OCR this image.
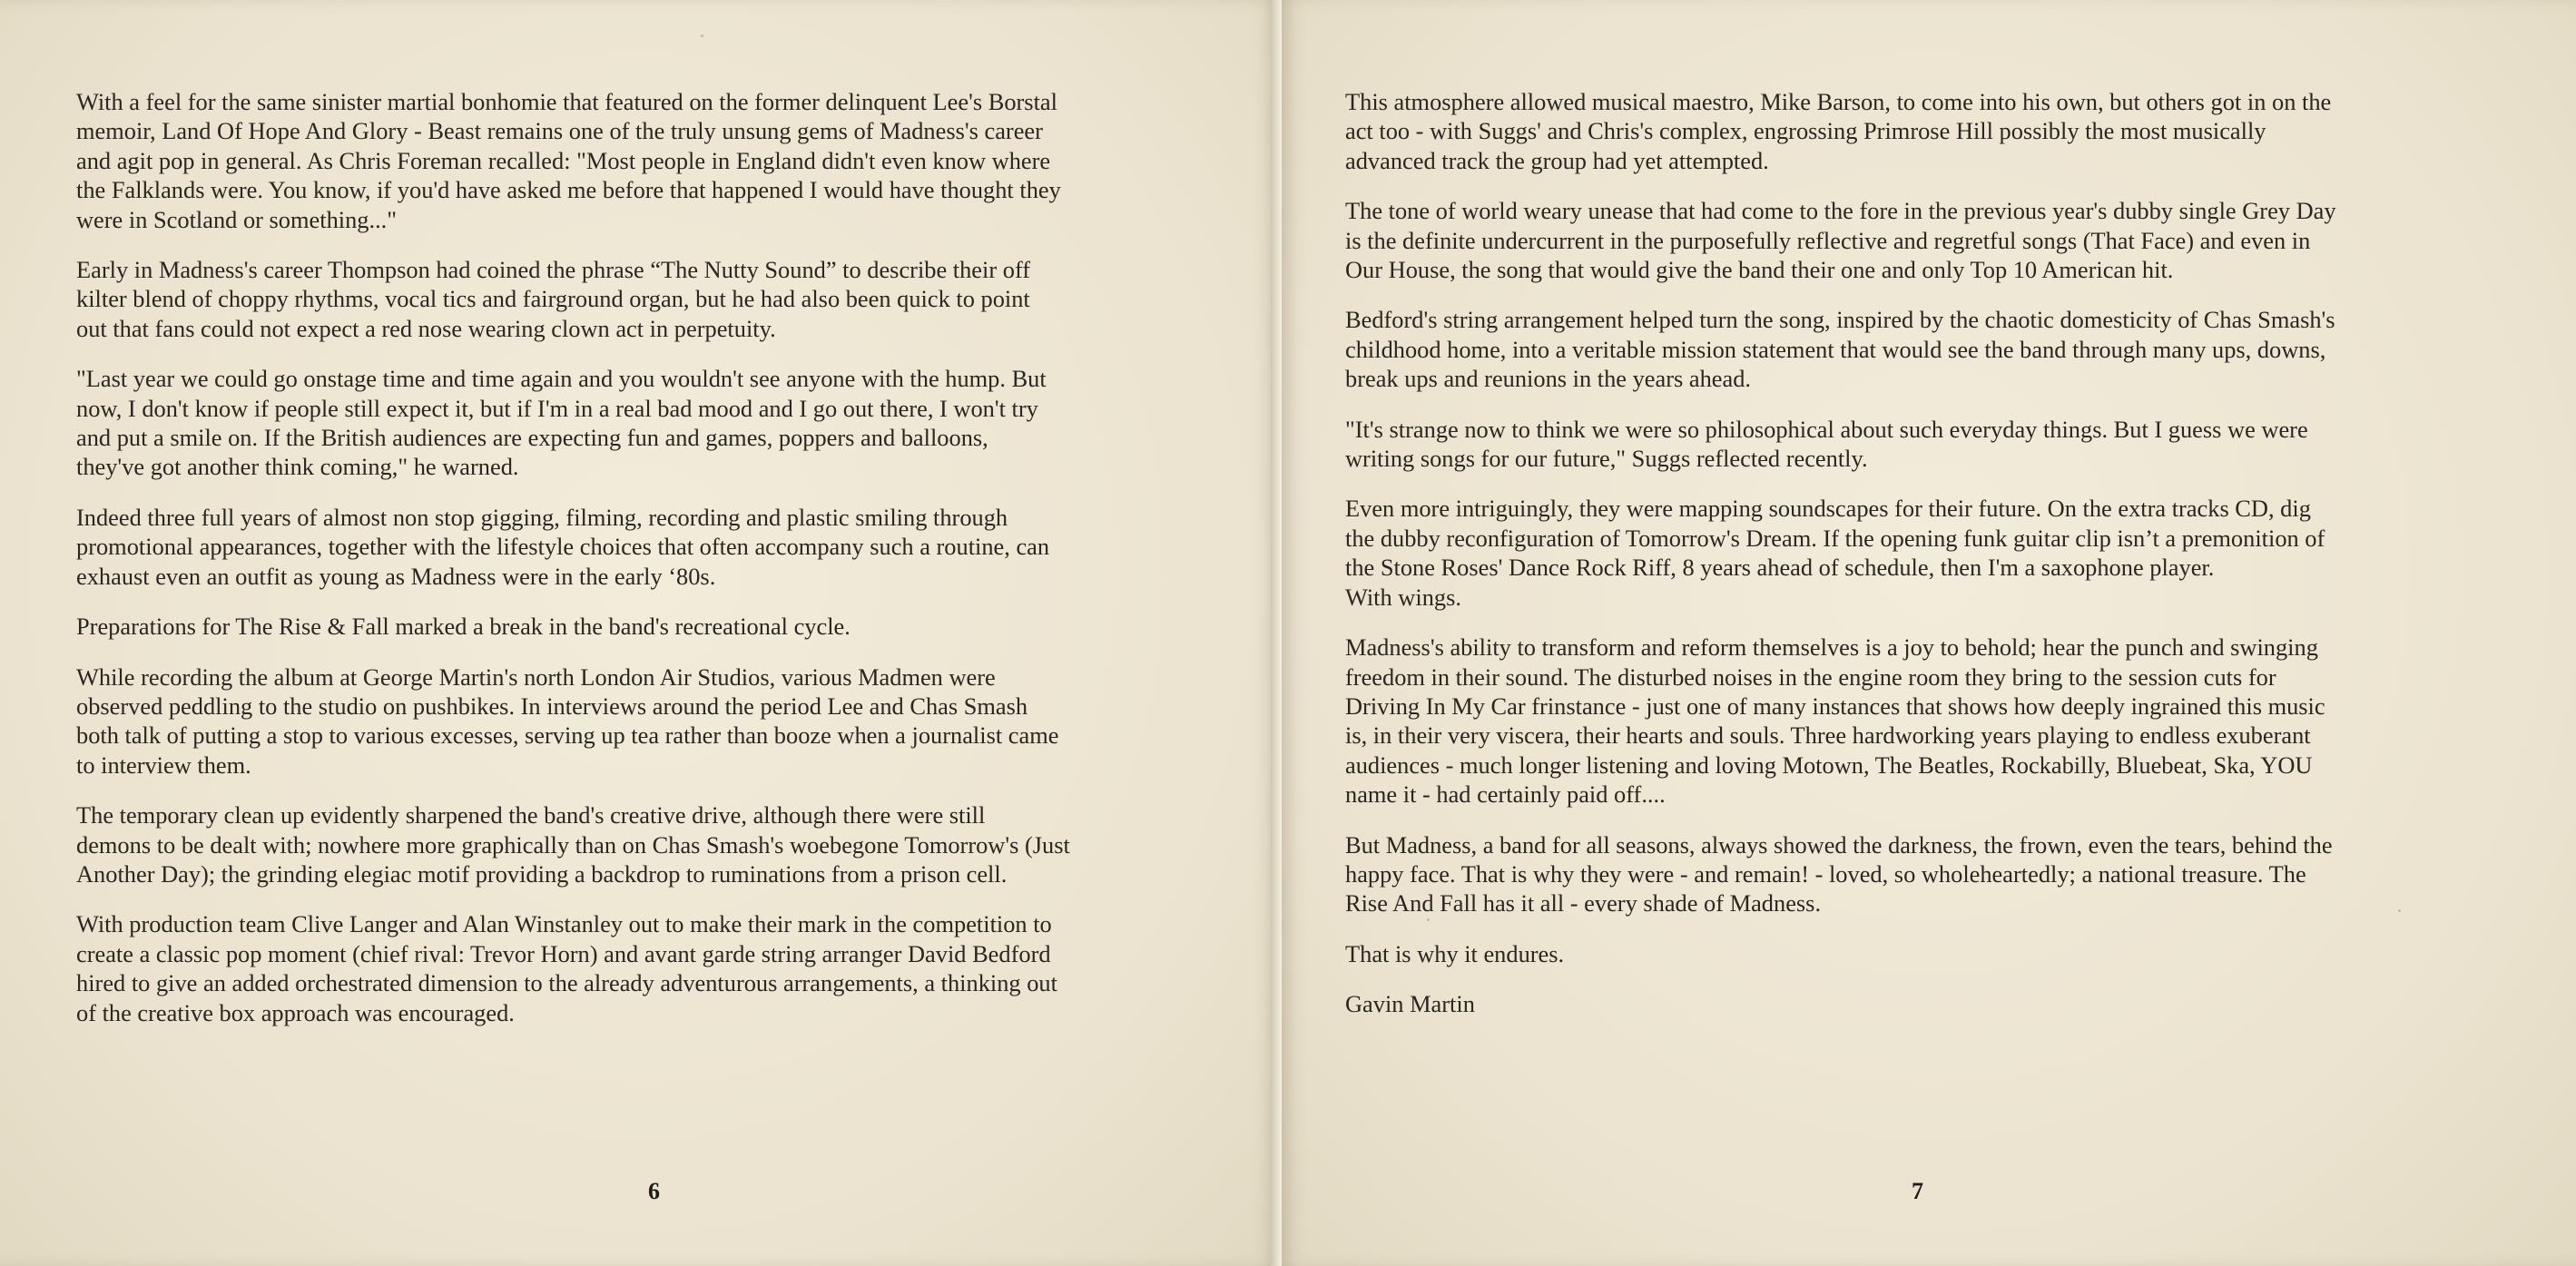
With a feel for the same sinister martial bonhomie that featured on the former delinquent Lee's Borstal
memoir, Land Of Hope And Glory - Beast remains one of the truly unsung gems of Madness's career
and agit pop in general. As Chris Foreman recalled: "Most people in England didn't even know where
the Falklands were. You know, if you'd have asked me before that happened I would have thought they
were in Scotland or something..."

Early in Madness's career Thompson had coined the phrase “The Nutty Sound” to describe their off
kilter blend of choppy rhythms, vocal tics and fairground organ, but he had also been quick to point
out that fans could not expect a red nose wearing clown act in perpetuity.

"Last year we could go onstage time and time again and you wouldn't see anyone with the hump. But
now, I don't know if people still expect it, but if I'm in a real bad mood and I go out there, I won't try
and put a smile on. If the British audiences are expecting fun and games, poppers and balloons,
they've got another think coming," he warned.

Indeed three full years of almost non stop gigging, filming, recording and plastic smiling through
promotional appearances, together with the lifestyle choices that often accompany such a routine, can
exhaust even an outfit as young as Madness were in the early ‘80s.

Preparations for The Rise & Fall marked a break in the band's recreational cycle.

While recording the album at George Martin's north London Air Studios, various Madmen were
observed peddling to the studio on pushbikes. In interviews around the period Lee and Chas Smash
both talk of putting a stop to various excesses, serving up tea rather than booze when a journalist came
to interview them.

The temporary clean up evidently sharpened the band's creative drive, although there were still
demons to be dealt with; nowhere more graphically than on Chas Smash's woebegone Tomorrow's (Just
Another Day); the grinding elegiac motif providing a backdrop to ruminations from a prison cell.

With production team Clive Langer and Alan Winstanley out to make their mark in the competition to
create a classic pop moment (chief rival: Trevor Horn) and avant garde string arranger David Bedford
hired to give an added orchestrated dimension to the already adventurous arrangements, a thinking out
of the creative box approach was encouraged.

6

This atmosphere allowed musical maestro, Mike Barson, to come into his own, but others got in on the
act too - with Suggs' and Chris's complex, engrossing Primrose Hill possibly the most musically
advanced track the group had yet attempted.

The tone of world weary unease that had come to the fore in the previous year's dubby single Grey Day
is the definite undercurrent in the purposefully reflective and regretful songs (That Face) and even in
Our House, the song that would give the band their one and only Top 10 American hit.

Bedford's string arrangement helped turn the song, inspired by the chaotic domesticity of Chas Smash's
childhood home, into a veritable mission statement that would see the band through many ups, downs,
break ups and reunions in the years ahead.

"It's strange now to think we were so philosophical about such everyday things. But I guess we were
writing songs for our future," Suggs reflected recently.

Even more intriguingly, they were mapping soundscapes for their future. On the extra tracks CD, dig
the dubby reconfiguration of Tomorrow's Dream. If the opening funk guitar clip isn’t a premonition of
the Stone Roses' Dance Rock Riff, 8 years ahead of schedule, then I'm a saxophone player.
With wings.

Madness's ability to transform and reform themselves is a joy to behold; hear the punch and swinging
freedom in their sound. The disturbed noises in the engine room they bring to the session cuts for
Driving In My Car frinstance - just one of many instances that shows how deeply ingrained this music
is, in their very viscera, their hearts and souls. Three hardworking years playing to endless exuberant
audiences - much longer listening and loving Motown, The Beatles, Rockabilly, Bluebeat, Ska, YOU
name it - had certainly paid off....

But Madness, a band for all seasons, always showed the darkness, the frown, even the tears, behind the
happy face. That is why they were - and remain! - loved, so wholeheartedly; a national treasure. The
Rise And Fall has it all - every shade of Madness.

That is why it endures.

Gavin Martin

7
